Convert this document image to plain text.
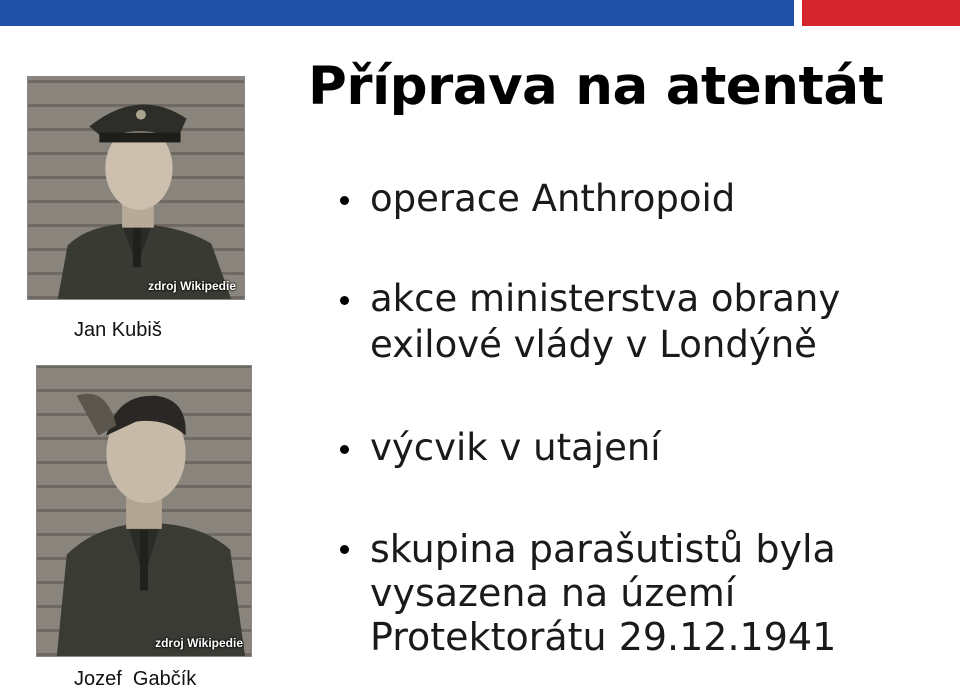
Příprava na atentát
operace Anthropoid
akce ministerstva obrany
exilové vlády v Londýně
výcvik v utajení
skupina parašutistů byla
vysazena na území
Protektorátu 29.12.1941
zdroj Wikipedie
Jan Kubiš
zdroj Wikipedie
Jozef  Gabčík
